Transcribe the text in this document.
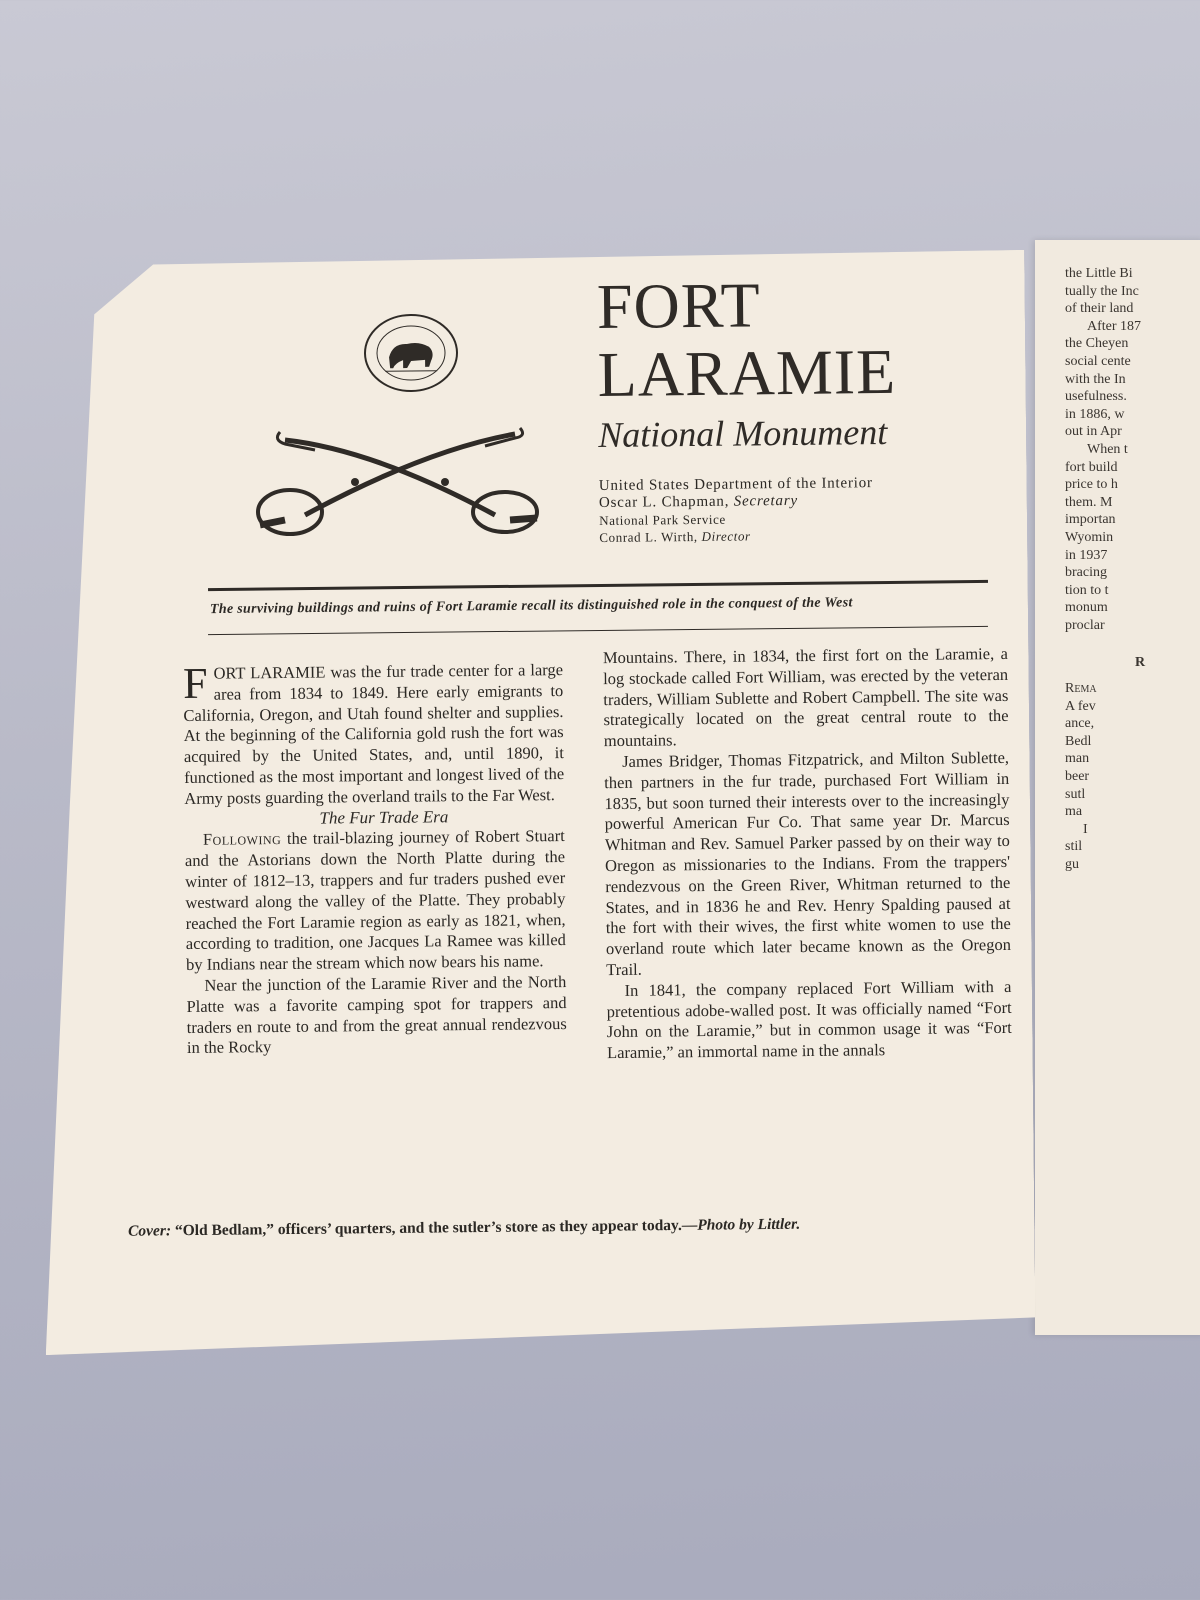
the Little Bi
tually the Inc
of their land
After 187
the Cheyen
social cente
with the In
usefulness.
in 1886, w
out in Apr
When t
fort build
price to h
them. M
importan
Wyomin
in 1937
bracing
tion to t
monum
proclar
R
Rema
A fev
ance,
Bedl
man
beer
sutl
ma
I
stil
gu
FORT
LARAMIE
National Monument
United States Department of the Interior
Oscar L. Chapman, Secretary
National Park Service
Conrad L. Wirth, Director
The surviving buildings and ruins of Fort Laramie recall its distinguished role in the conquest of the West

FORT LARAMIE was the fur trade center for a large area from 1834 to 1849. Here early emigrants to California, Oregon, and Utah found shelter and supplies. At the beginning of the California gold rush the fort was acquired by the United States, and, until 1890, it functioned as the most important and longest lived of the Army posts guarding the overland trails to the Far West.

The Fur Trade Era

Following the trail-blazing journey of Robert Stuart and the Astorians down the North Platte during the winter of 1812–13, trappers and fur traders pushed ever westward along the valley of the Platte. They probably reached the Fort Laramie region as early as 1821, when, according to tradition, one Jacques La Ramee was killed by Indians near the stream which now bears his name.

Near the junction of the Laramie River and the North Platte was a favorite camping spot for trappers and traders en route to and from the great annual rendezvous in the Rocky

Mountains. There, in 1834, the first fort on the Laramie, a log stockade called Fort William, was erected by the veteran traders, William Sublette and Robert Campbell. The site was strategically located on the great central route to the mountains.

James Bridger, Thomas Fitzpatrick, and Milton Sublette, then partners in the fur trade, purchased Fort William in 1835, but soon turned their interests over to the increasingly powerful American Fur Co. That same year Dr. Marcus Whitman and Rev. Samuel Parker passed by on their way to Oregon as missionaries to the Indians. From the trappers' rendezvous on the Green River, Whitman returned to the States, and in 1836 he and Rev. Henry Spalding paused at the fort with their wives, the first white women to use the overland route which later became known as the Oregon Trail.

In 1841, the company replaced Fort William with a pretentious adobe-walled post. It was officially named “Fort John on the Laramie,” but in common usage it was “Fort Laramie,” an immortal name in the annals

Cover: “Old Bedlam,” officers’ quarters, and the sutler’s store as they appear today.—Photo by Littler.
